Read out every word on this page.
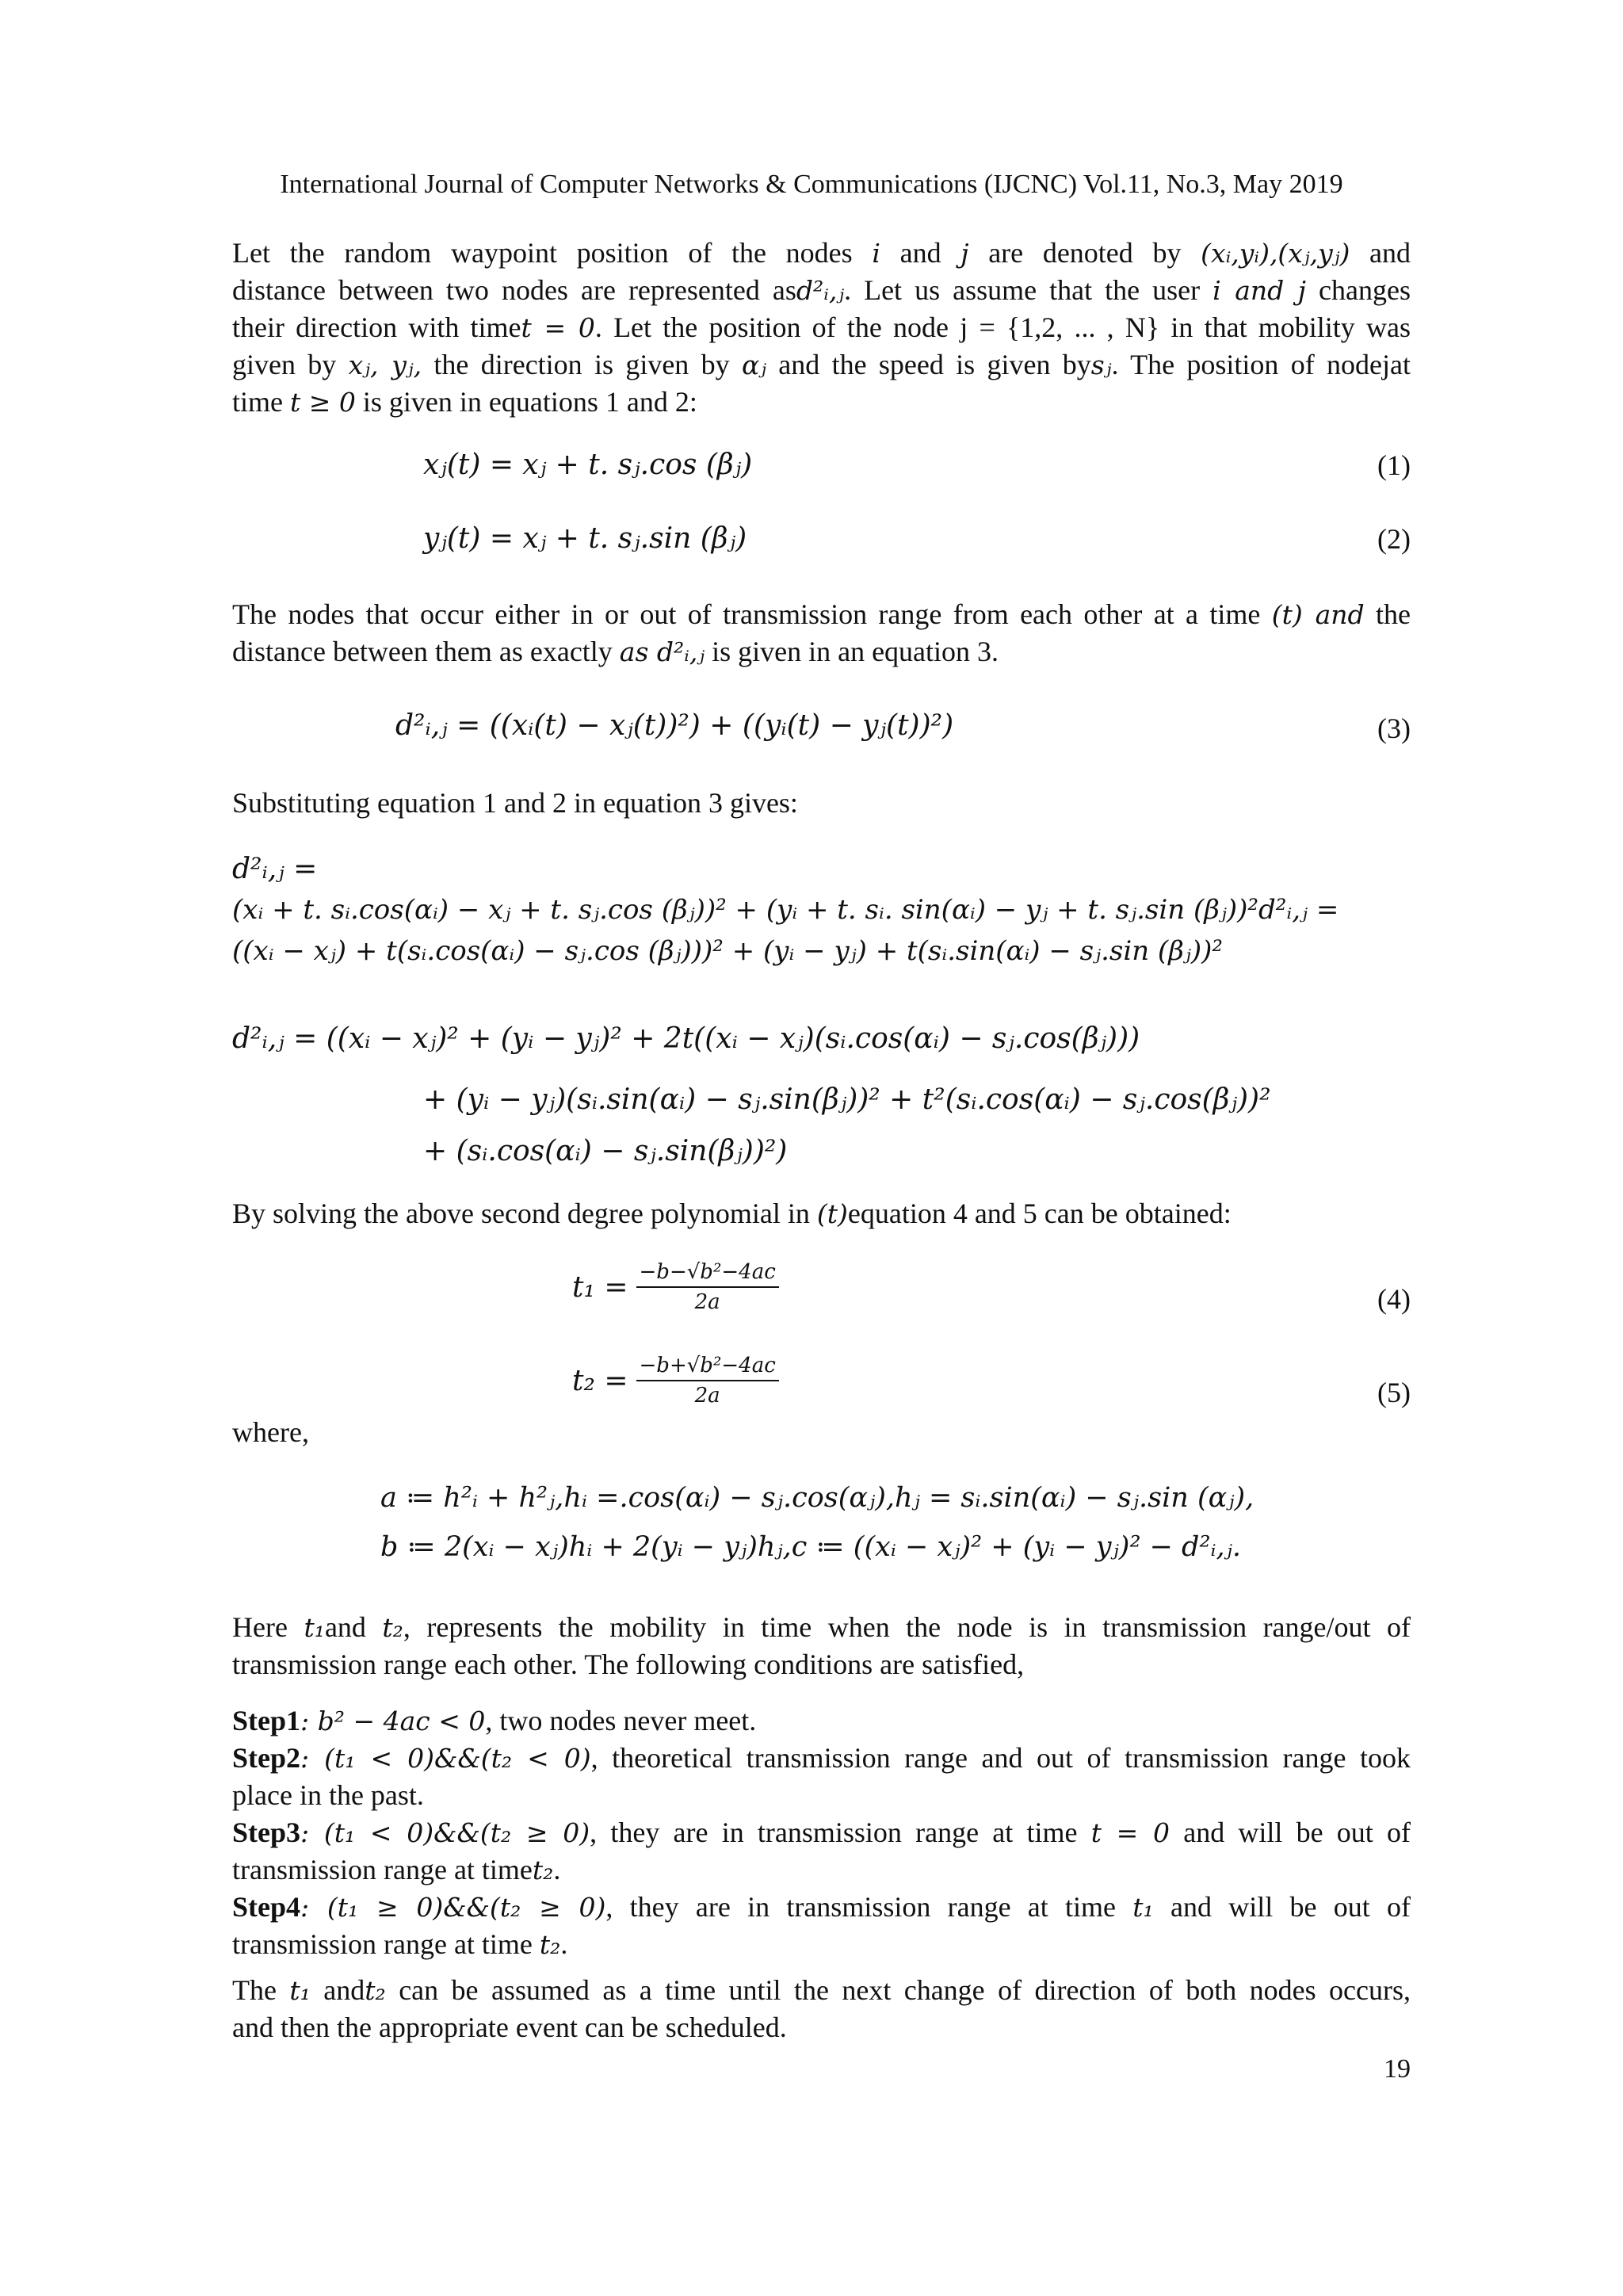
International Journal of Computer Networks & Communications (IJCNC) Vol.11, No.3, May 2019
Let the random waypoint position of the nodes i and j are denoted by (xᵢ,yᵢ),(xⱼ,yⱼ) and
distance between two nodes are represented asd²ᵢ,ⱼ. Let us assume that the user i and j changes
their direction with timet = 0. Let the position of the node j = {1,2, ... , N} in that mobility was
given by xⱼ, yⱼ, the direction is given by αⱼ and the speed is given bysⱼ. The position of nodejat
time t ≥ 0 is given in equations 1 and 2:
xⱼ(t) = xⱼ + t. sⱼ.cos (βⱼ)	(1)
yⱼ(t) = xⱼ + t. sⱼ.sin (βⱼ)	(2)
The nodes that occur either in or out of transmission range from each other at a time (t) and the
distance between them as exactly as d²ᵢ,ⱼ is given in an equation 3.
d²ᵢ,ⱼ = ((xᵢ(t) − xⱼ(t))²) + ((yᵢ(t) − yⱼ(t))²)	(3)
Substituting equation 1 and 2 in equation 3 gives:
d²ᵢ,ⱼ =
(xᵢ + t. sᵢ.cos(αᵢ) − xⱼ + t. sⱼ.cos (βⱼ))² + (yᵢ + t. sᵢ. sin(αᵢ) − yⱼ + t. sⱼ.sin (βⱼ))²d²ᵢ,ⱼ =
((xᵢ − xⱼ) + t(sᵢ.cos(αᵢ) − sⱼ.cos (βⱼ)))² + (yᵢ − yⱼ) + t(sᵢ.sin(αᵢ) − sⱼ.sin (βⱼ))²
d²ᵢ,ⱼ = ((xᵢ − xⱼ)² + (yᵢ − yⱼ)² + 2t((xᵢ − xⱼ)(sᵢ.cos(αᵢ) − sⱼ.cos(βⱼ)))
+ (yᵢ − yⱼ)(sᵢ.sin(αᵢ) − sⱼ.sin(βⱼ))² + t²(sᵢ.cos(αᵢ) − sⱼ.cos(βⱼ))²
+ (sᵢ.cos(αᵢ) − sⱼ.sin(βⱼ))²)
By solving the above second degree polynomial in (t)equation 4 and 5 can be obtained:
$t_1 = \frac{\text{−b−√b²−4ac}}{2a}$	(4)
$t_2 = \frac{\text{−b+√b²−4ac}}{2a}$	(5)
where,
a ≔ h²ᵢ + h²ⱼ,hᵢ =.cos(αᵢ) − sⱼ.cos(αⱼ),hⱼ = sᵢ.sin(αᵢ) − sⱼ.sin (αⱼ),
b ≔ 2(xᵢ − xⱼ)hᵢ + 2(yᵢ − yⱼ)hⱼ,c ≔ ((xᵢ − xⱼ)² + (yᵢ − yⱼ)² − d²ᵢ,ⱼ.
Here t₁and t₂, represents the mobility in time when the node is in transmission range/out of
transmission range each other. The following conditions are satisfied,
Step1: b² − 4ac < 0, two nodes never meet.
Step2: (t₁ < 0)&&(t₂ < 0), theoretical transmission range and out of transmission range took
place in the past.
Step3: (t₁ < 0)&&(t₂ ≥ 0), they are in transmission range at time t = 0 and will be out of
transmission range at timet₂.
Step4: (t₁ ≥ 0)&&(t₂ ≥ 0), they are in transmission range at time t₁ and will be out of
transmission range at time t₂.
The t₁ andt₂ can be assumed as a time until the next change of direction of both nodes occurs,
and then the appropriate event can be scheduled.
19
